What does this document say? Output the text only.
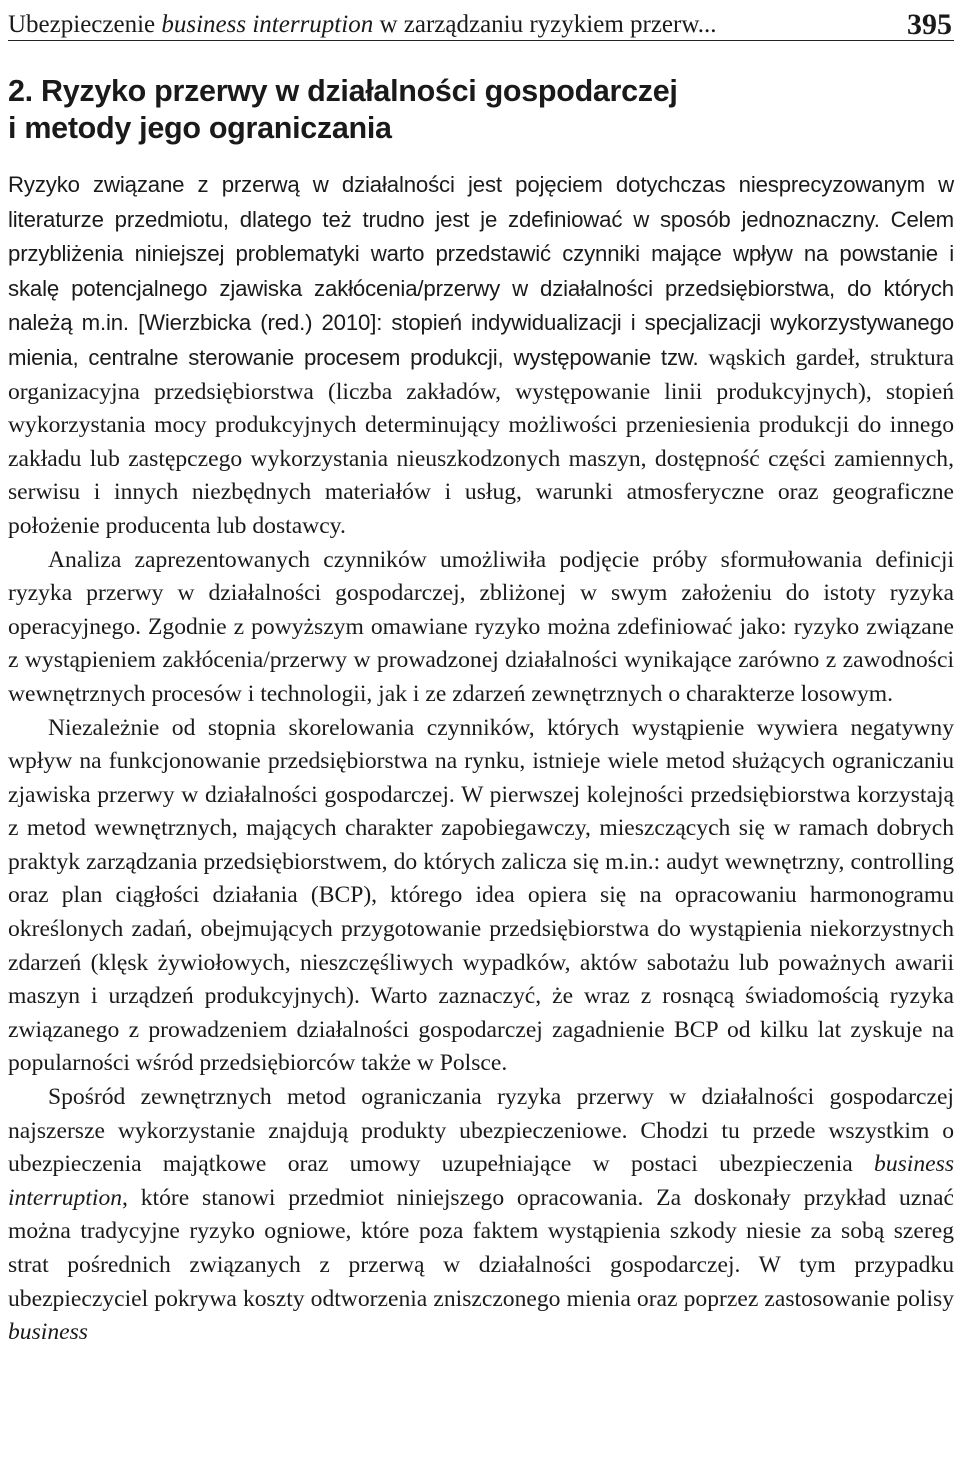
Ubezpieczenie business interruption w zarządzaniu ryzykiem przerw...	395
2. Ryzyko przerwy w działalności gospodarczej
i metody jego ograniczania

Ryzyko związane z przerwą w działalności jest pojęciem dotychczas niesprecyzowanym w literaturze przedmiotu, dlatego też trudno jest je zdefiniować w sposób jednoznaczny. Celem przybliżenia niniejszej problematyki warto przedstawić czynniki mające wpływ na powstanie i skalę potencjalnego zjawiska zakłócenia/przerwy w działalności przedsiębiorstwa, do których należą m.in. [Wierzbicka (red.) 2010]: stopień indywidualizacji i specjalizacji wykorzystywanego mienia, centralne sterowanie procesem produkcji, występowanie tzw. wąskich gardeł, struktura organizacyjna przedsiębiorstwa (liczba zakładów, występowanie linii produkcyjnych), stopień wykorzystania mocy produkcyjnych determinujący możliwości przeniesienia produkcji do innego zakładu lub zastępczego wykorzystania nieuszkodzonych maszyn, dostępność części zamiennych, serwisu i innych niezbędnych materiałów i usług, warunki atmosferyczne oraz geograficzne położenie producenta lub dostawcy.

Analiza zaprezentowanych czynników umożliwiła podjęcie próby sformułowania definicji ryzyka przerwy w działalności gospodarczej, zbliżonej w swym założeniu do istoty ryzyka operacyjnego. Zgodnie z powyższym omawiane ryzyko można zdefiniować jako: ryzyko związane z wystąpieniem zakłócenia/przerwy w prowadzonej działalności wynikające zarówno z zawodności wewnętrznych procesów i technologii, jak i ze zdarzeń zewnętrznych o charakterze losowym.

Niezależnie od stopnia skorelowania czynników, których wystąpienie wywiera negatywny wpływ na funkcjonowanie przedsiębiorstwa na rynku, istnieje wiele metod służących ograniczaniu zjawiska przerwy w działalności gospodarczej. W pierwszej kolejności przedsiębiorstwa korzystają z metod wewnętrznych, mających charakter zapobiegawczy, mieszczących się w ramach dobrych praktyk zarządzania przedsiębiorstwem, do których zalicza się m.in.: audyt wewnętrzny, controlling oraz plan ciągłości działania (BCP), którego idea opiera się na opracowaniu harmonogramu określonych zadań, obejmujących przygotowanie przedsiębiorstwa do wystąpienia niekorzystnych zdarzeń (klęsk żywiołowych, nieszczęśliwych wypadków, aktów sabotażu lub poważnych awarii maszyn i urządzeń produkcyjnych). Warto zaznaczyć, że wraz z rosnącą świadomością ryzyka związanego z prowadzeniem działalności gospodarczej zagadnienie BCP od kilku lat zyskuje na popularności wśród przedsiębiorców także w Polsce.

Spośród zewnętrznych metod ograniczania ryzyka przerwy w działalności gospodarczej najszersze wykorzystanie znajdują produkty ubezpieczeniowe. Chodzi tu przede wszystkim o ubezpieczenia majątkowe oraz umowy uzupełniające w postaci ubezpieczenia business interruption, które stanowi przedmiot niniejszego opracowania. Za doskonały przykład uznać można tradycyjne ryzyko ogniowe, które poza faktem wystąpienia szkody niesie za sobą szereg strat pośrednich związanych z przerwą w działalności gospodarczej. W tym przypadku ubezpieczyciel pokrywa koszty odtworzenia zniszczonego mienia oraz poprzez zastosowanie polisy business
